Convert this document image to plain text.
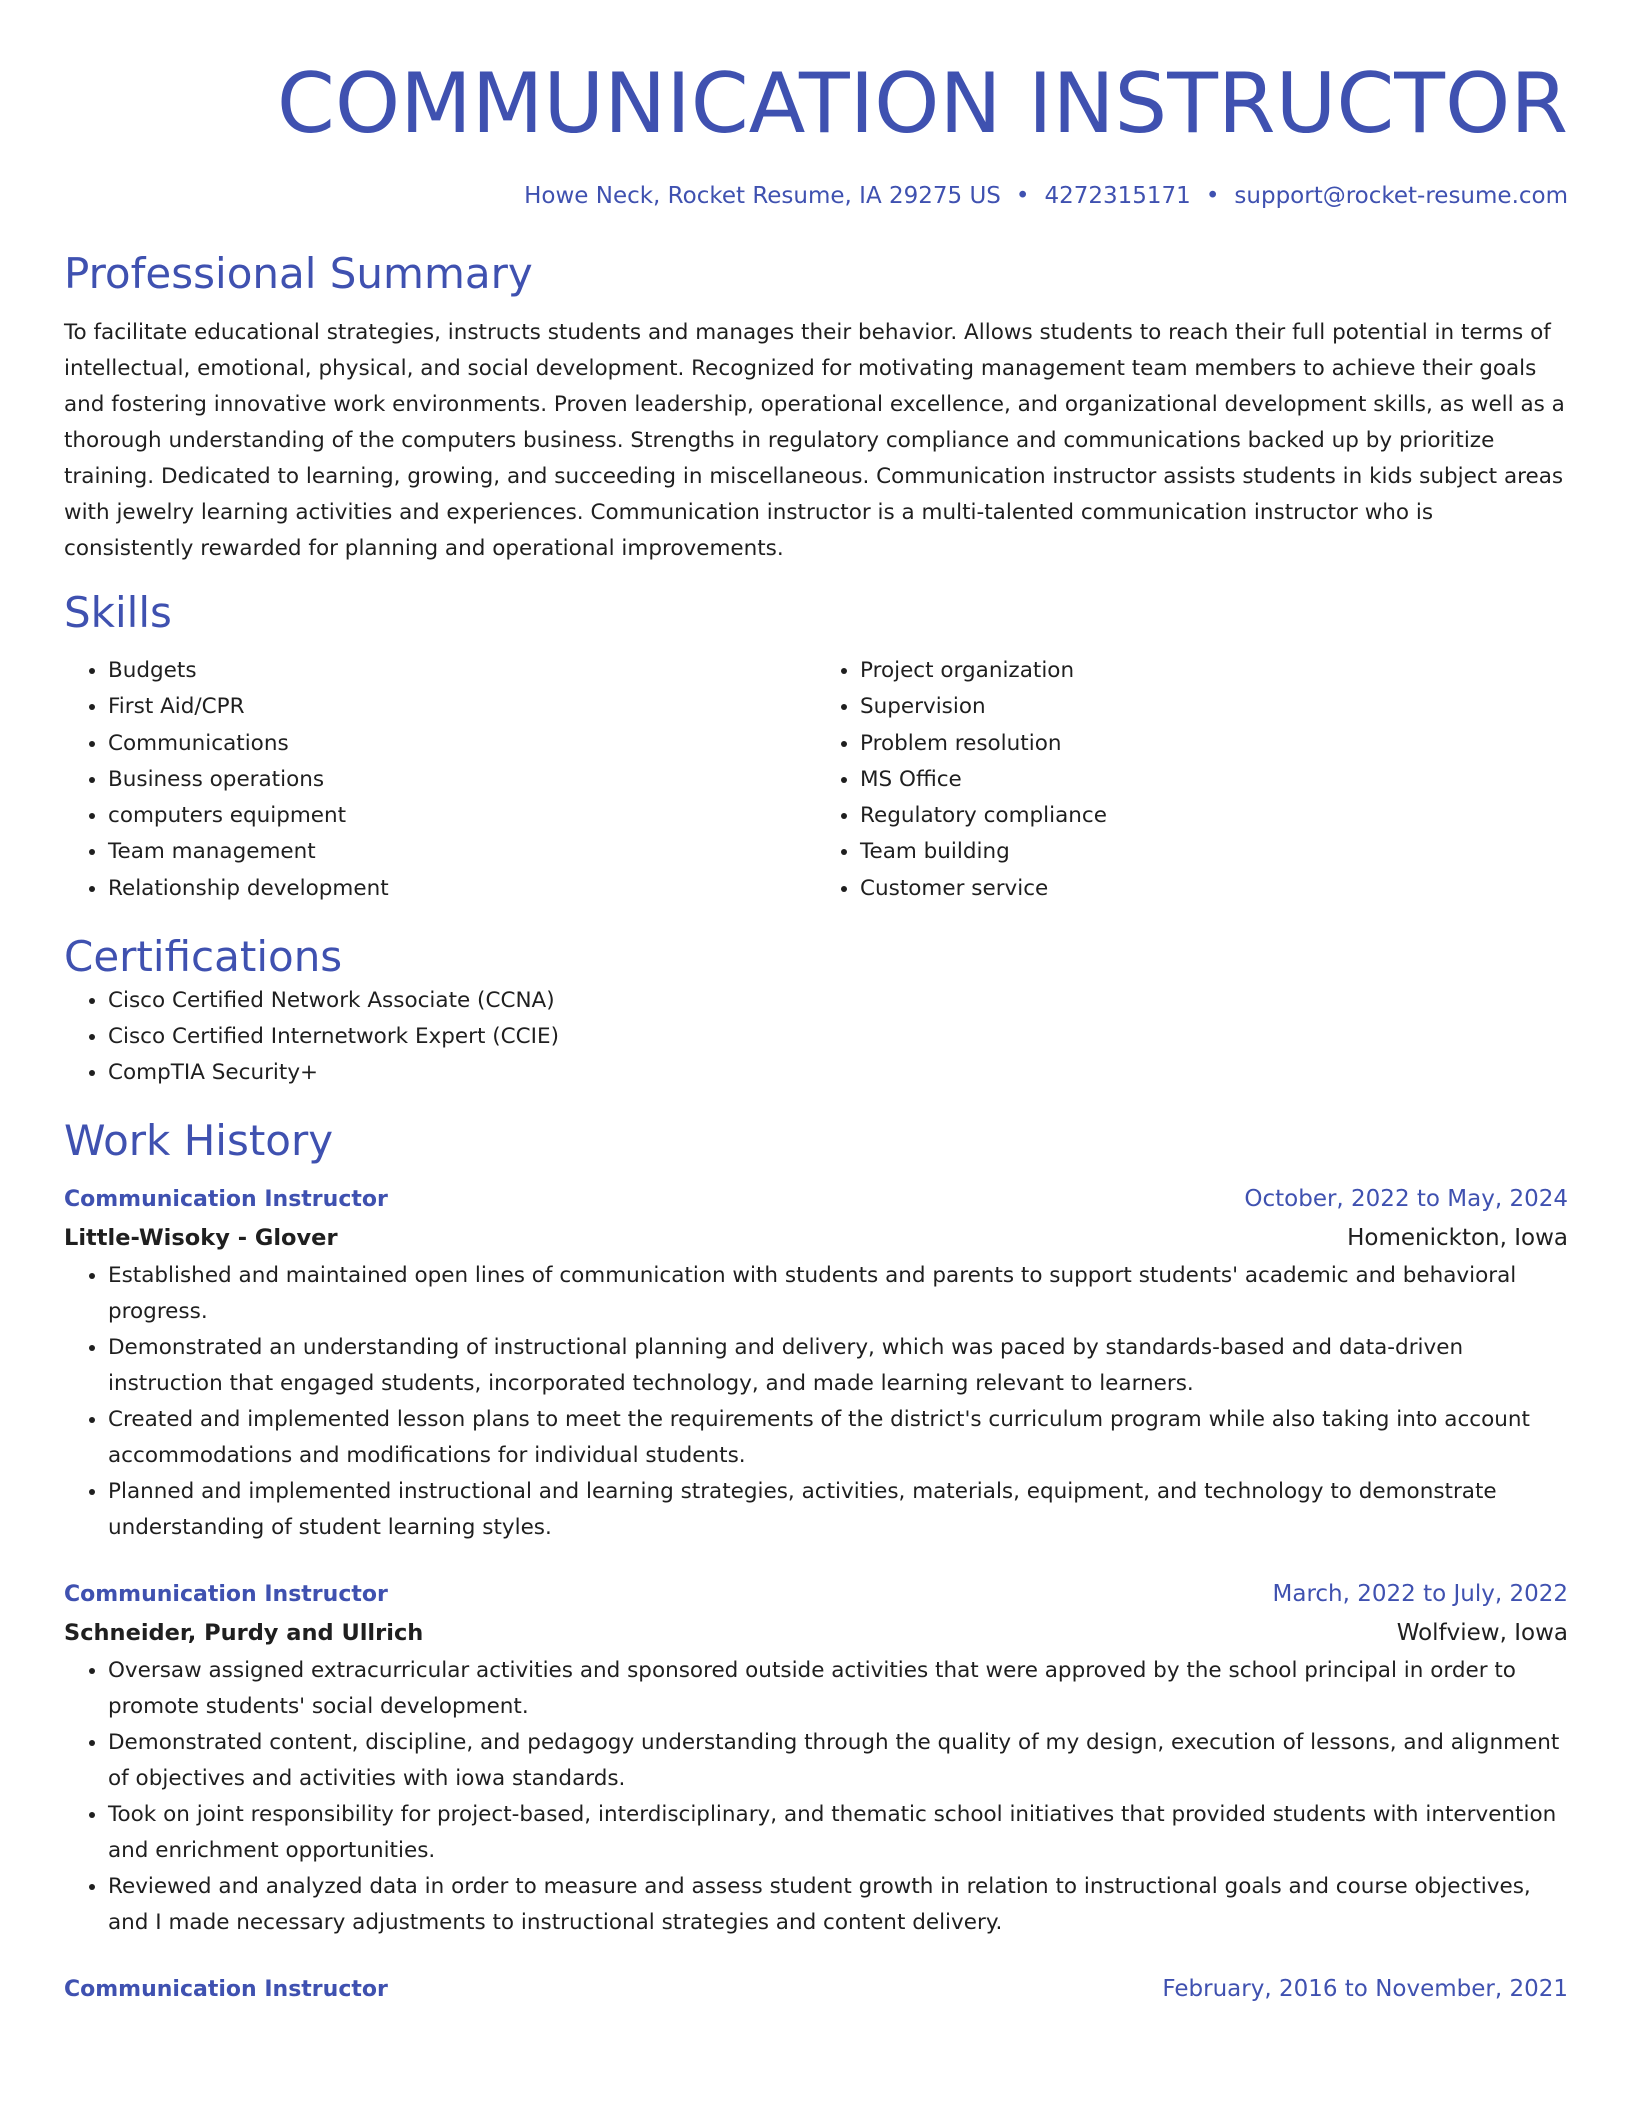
COMMUNICATION INSTRUCTOR
Howe Neck, Rocket Resume, IA 29275 US • 4272315171 • support@rocket-resume.com
Professional Summary

To facilitate educational strategies, instructs students and manages their behavior. Allows students to reach their full potential in terms of intellectual, emotional, physical, and social development. Recognized for motivating management team members to achieve their goals and fostering innovative work environments. Proven leadership, operational excellence, and organizational development skills, as well as a thorough understanding of the computers business. Strengths in regulatory compliance and communications backed up by prioritize training. Dedicated to learning, growing, and succeeding in miscellaneous. Communication instructor assists students in kids subject areas with jewelry learning activities and experiences. Communication instructor is a multi-talented communication instructor who is consistently rewarded for planning and operational improvements.

Skills
• Budgets
• First Aid/CPR
• Communications
• Business operations
• computers equipment
• Team management
• Relationship development
• Project organization
• Supervision
• Problem resolution
• MS Office
• Regulatory compliance
• Team building
• Customer service
Certifications
• Cisco Certified Network Associate (CCNA)
• Cisco Certified Internetwork Expert (CCIE)
• CompTIA Security+
Work History
Communication Instructor	October, 2022 to May, 2024
Little-Wisoky - Glover	Homenickton, Iowa
• Established and maintained open lines of communication with students and parents to support students' academic and behavioral progress.
• Demonstrated an understanding of instructional planning and delivery, which was paced by standards-based and data-driven instruction that engaged students, incorporated technology, and made learning relevant to learners.
• Created and implemented lesson plans to meet the requirements of the district's curriculum program while also taking into account accommodations and modifications for individual students.
• Planned and implemented instructional and learning strategies, activities, materials, equipment, and technology to demonstrate understanding of student learning styles.
Communication Instructor	March, 2022 to July, 2022
Schneider, Purdy and Ullrich	Wolfview, Iowa
• Oversaw assigned extracurricular activities and sponsored outside activities that were approved by the school principal in order to promote students' social development.
• Demonstrated content, discipline, and pedagogy understanding through the quality of my design, execution of lessons, and alignment of objectives and activities with iowa standards.
• Took on joint responsibility for project-based, interdisciplinary, and thematic school initiatives that provided students with intervention and enrichment opportunities.
• Reviewed and analyzed data in order to measure and assess student growth in relation to instructional goals and course objectives, and I made necessary adjustments to instructional strategies and content delivery.
Communication Instructor	February, 2016 to November, 2021
